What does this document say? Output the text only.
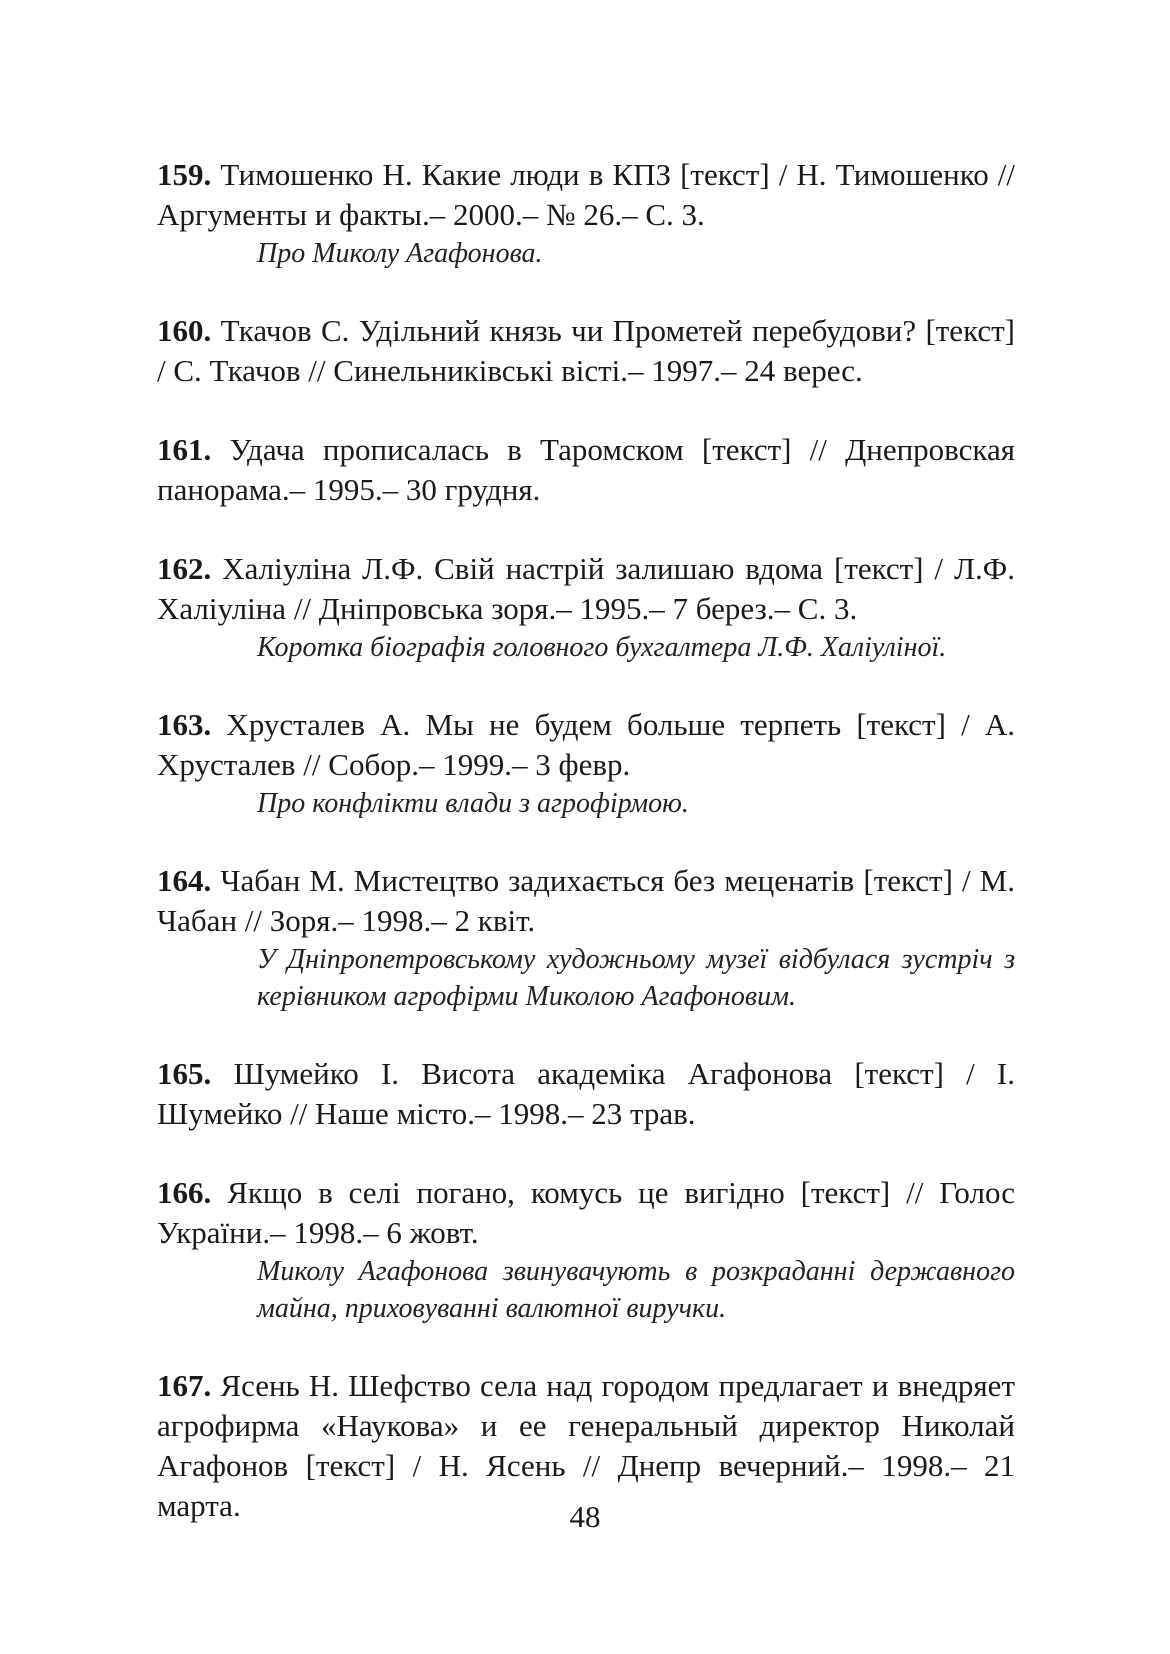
159. Тимошенко Н. Какие люди в КПЗ [текст] / Н. Тимошенко // Аргументы и факты.– 2000.– № 26.– С. 3.

Про Миколу Агафонова.

160. Ткачов С. Удільний князь чи Прометей перебудови? [текст] / С. Ткачов // Синельниківські вісті.– 1997.– 24 верес.

161. Удача прописалась в Таромском [текст] // Днепровская панорама.– 1995.– 30 грудня.

162. Халіуліна Л.Ф. Свій настрій залишаю вдома [текст] / Л.Ф. Халіуліна // Дніпровська зоря.– 1995.– 7 берез.– С. 3.

Коротка біографія головного бухгалтера Л.Ф. Халіуліної.

163. Хрусталев А. Мы не будем больше терпеть [текст] / А. Хрусталев // Собор.– 1999.– 3 февр.

Про конфлікти влади з агрофірмою.

164. Чабан М. Мистецтво задихається без меценатів [текст] / М. Чабан // Зоря.– 1998.– 2 квіт.

У Дніпропетровському художньому музеї відбулася зустріч з керівником агрофірми Миколою Агафоновим.

165. Шумейко І. Висота академіка Агафонова [текст] / І. Шумейко // Наше місто.– 1998.– 23 трав.

166. Якщо в селі погано, комусь це вигідно [текст] // Голос України.– 1998.– 6 жовт.

Миколу Агафонова звинувачують в розкраданні державного майна, приховуванні валютної виручки.

167. Ясень Н. Шефство села над городом предлагает и внедряет агрофирма «Наукова» и ее генеральный директор Николай Агафонов [текст] / Н. Ясень // Днепр вечерний.– 1998.– 21 марта.	48
